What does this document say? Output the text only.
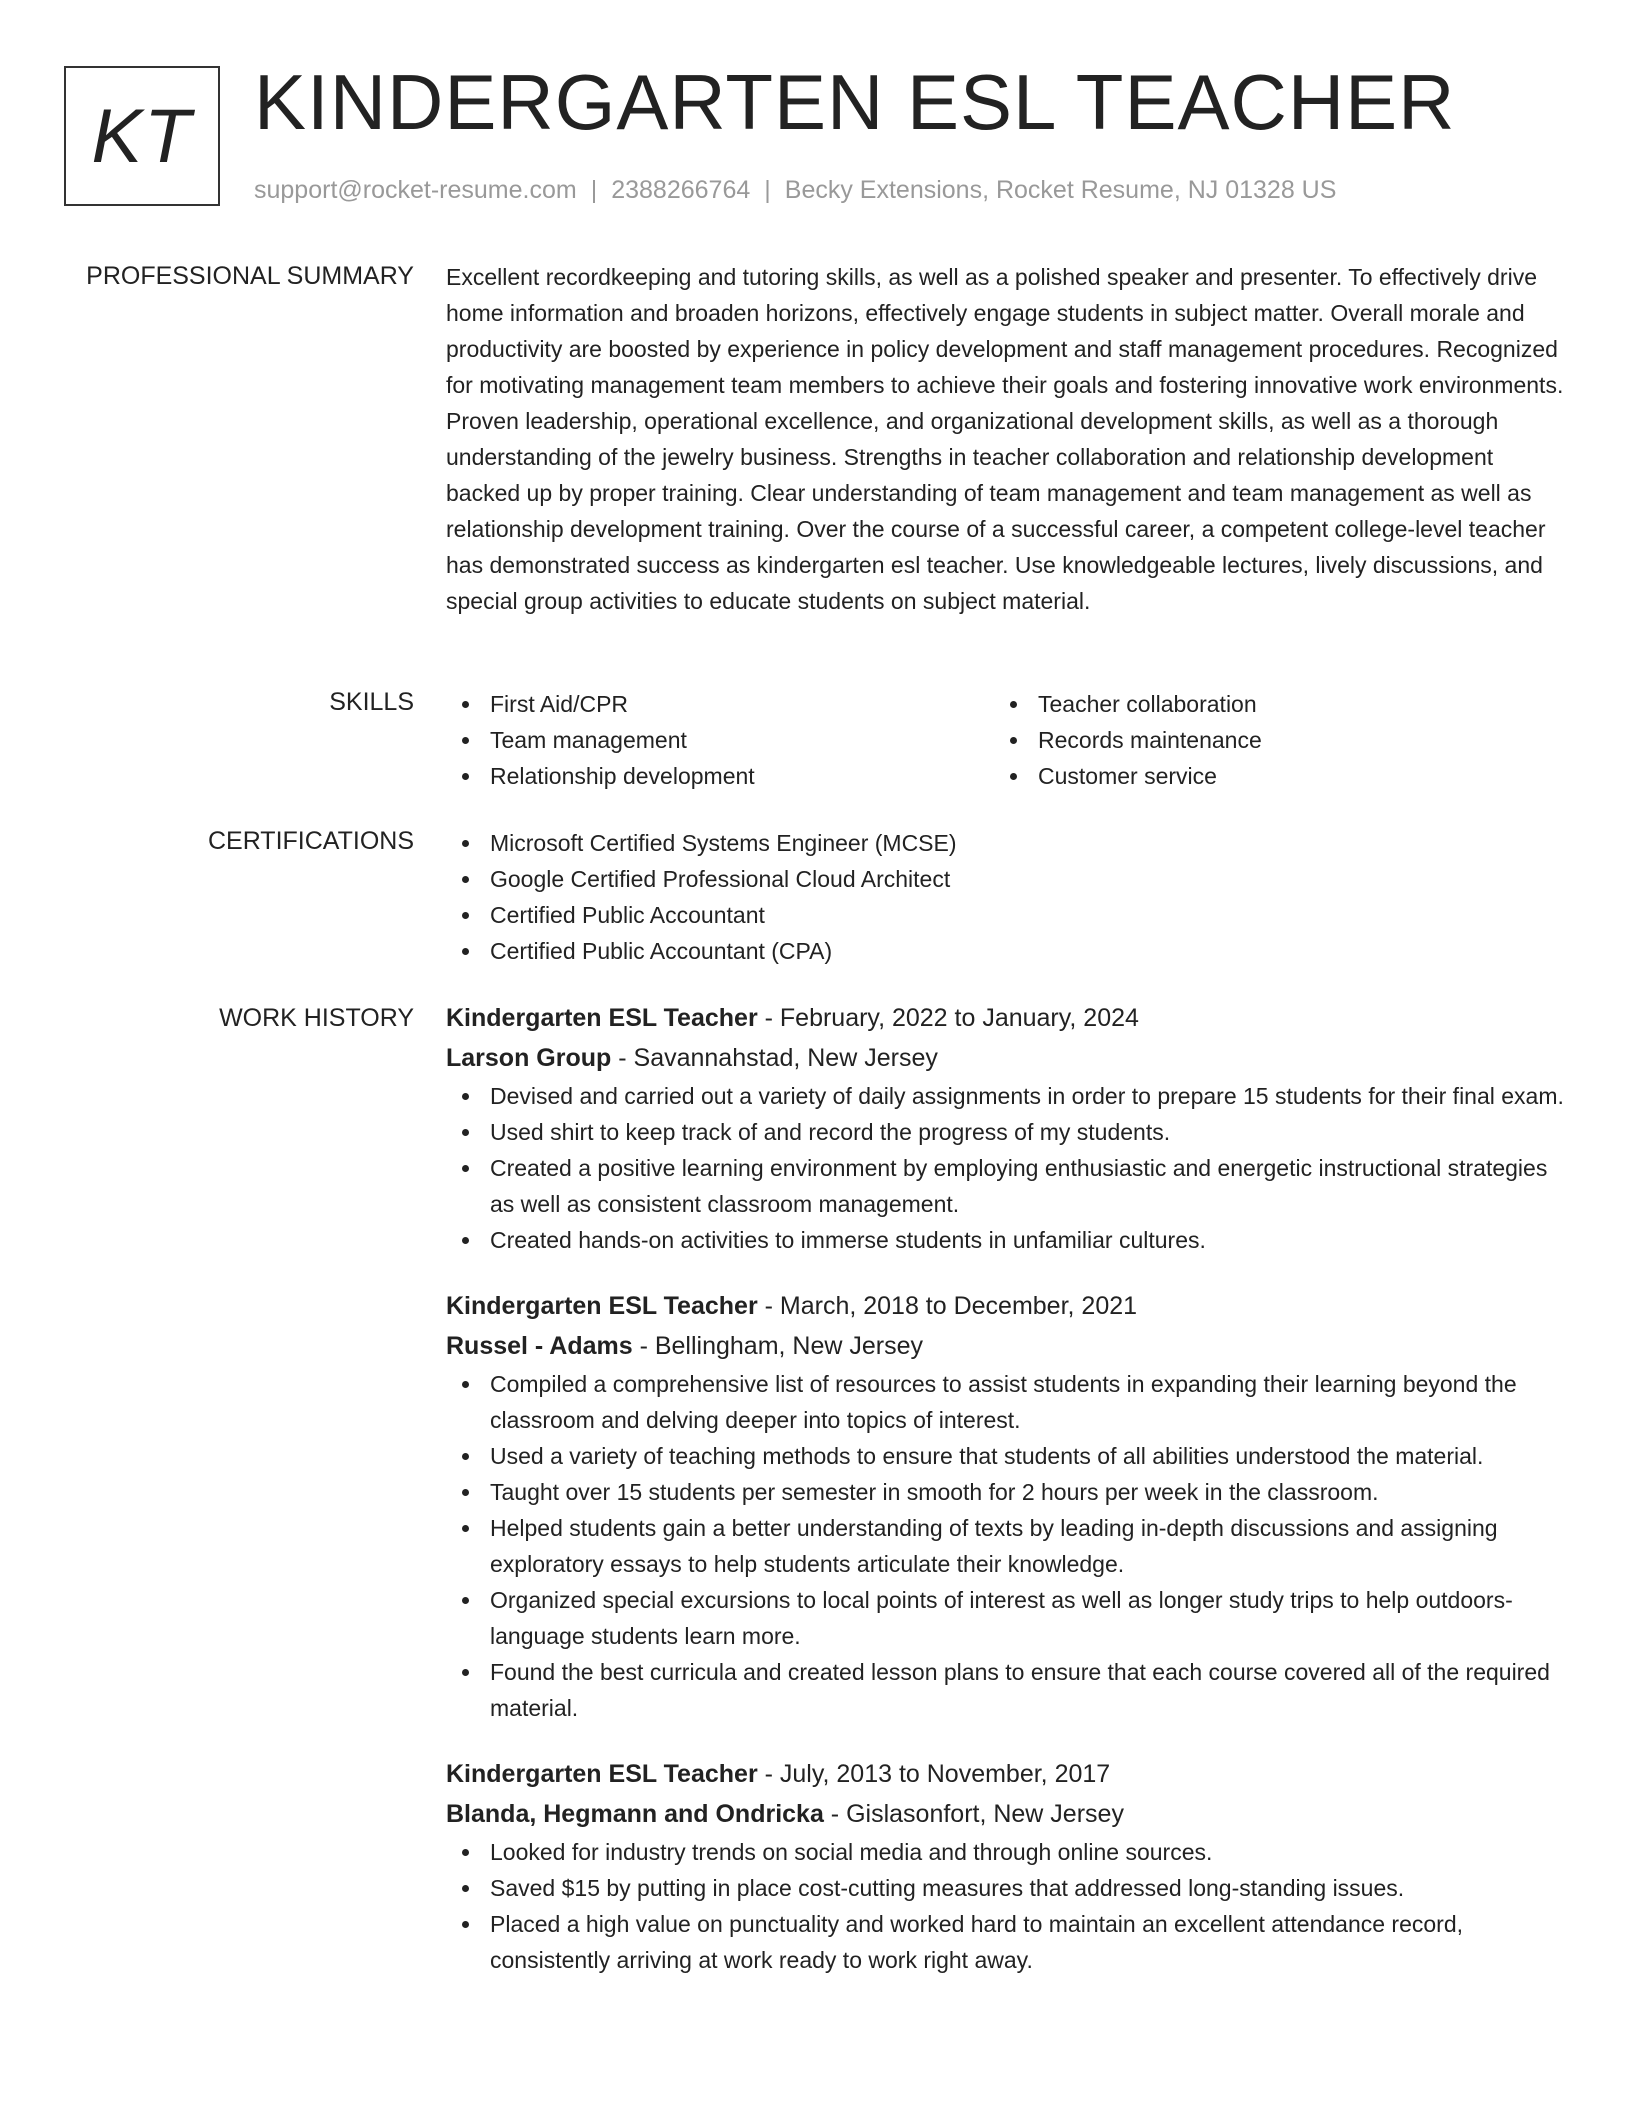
KT KINDERGARTEN ESL TEACHER
support@rocket-resume.com | 2388266764 | Becky Extensions, Rocket Resume, NJ 01328 US
PROFESSIONAL SUMMARY Excellent recordkeeping and tutoring skills, as well as a polished speaker and presenter. To effectively drive home information and broaden horizons, effectively engage students in subject matter. Overall morale and productivity are boosted by experience in policy development and staff management procedures. Recognized for motivating management team members to achieve their goals and fostering innovative work environments. Proven leadership, operational excellence, and organizational development skills, as well as a thorough understanding of the jewelry business. Strengths in teacher collaboration and relationship development backed up by proper training. Clear understanding of team management and team management as well as relationship development training. Over the course of a successful career, a competent college-level teacher has demonstrated success as kindergarten esl teacher. Use knowledgeable lectures, lively discussions, and special group activities to educate students on subject material.
SKILLS	First Aid/CPR
Team management
Relationship development
Teacher collaboration
Records maintenance
Customer service
CERTIFICATIONS	Microsoft Certified Systems Engineer (MCSE)
Google Certified Professional Cloud Architect
Certified Public Accountant
Certified Public Accountant (CPA)
WORK HISTORY Kindergarten ESL Teacher - February, 2022 to January, 2024
Larson Group - Savannahstad, New Jersey
Devised and carried out a variety of daily assignments in order to prepare 15 students for their final exam.
Used shirt to keep track of and record the progress of my students.
Created a positive learning environment by employing enthusiastic and energetic instructional strategies as well as consistent classroom management.
Created hands-on activities to immerse students in unfamiliar cultures.
Kindergarten ESL Teacher - March, 2018 to December, 2021
Russel - Adams - Bellingham, New Jersey
Compiled a comprehensive list of resources to assist students in expanding their learning beyond the classroom and delving deeper into topics of interest.
Used a variety of teaching methods to ensure that students of all abilities understood the material.
Taught over 15 students per semester in smooth for 2 hours per week in the classroom.
Helped students gain a better understanding of texts by leading in-depth discussions and assigning exploratory essays to help students articulate their knowledge.
Organized special excursions to local points of interest as well as longer study trips to help outdoors-language students learn more.
Found the best curricula and created lesson plans to ensure that each course covered all of the required material.
Kindergarten ESL Teacher - July, 2013 to November, 2017
Blanda, Hegmann and Ondricka - Gislasonfort, New Jersey
Looked for industry trends on social media and through online sources.
Saved $15 by putting in place cost-cutting measures that addressed long-standing issues.
Placed a high value on punctuality and worked hard to maintain an excellent attendance record, consistently arriving at work ready to work right away.
